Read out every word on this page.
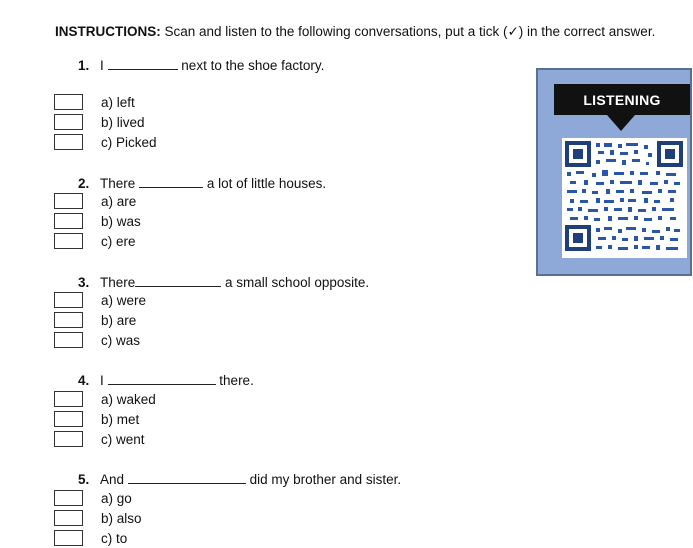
INSTRUCTIONS: Scan and listen to the following conversations, put a tick (✓) in the correct answer.
1. I	next to the shoe factory.
a) left
b) lived
c) Picked
2. There	a lot of little houses.
a) are
b) was
c) ere
3. There	a small school opposite.
a) were
b) are
c) was
4. I	there.
a) waked
b) met
c) went
5. And	did my brother and sister.
a) go
b) also
c) to
LISTENING
